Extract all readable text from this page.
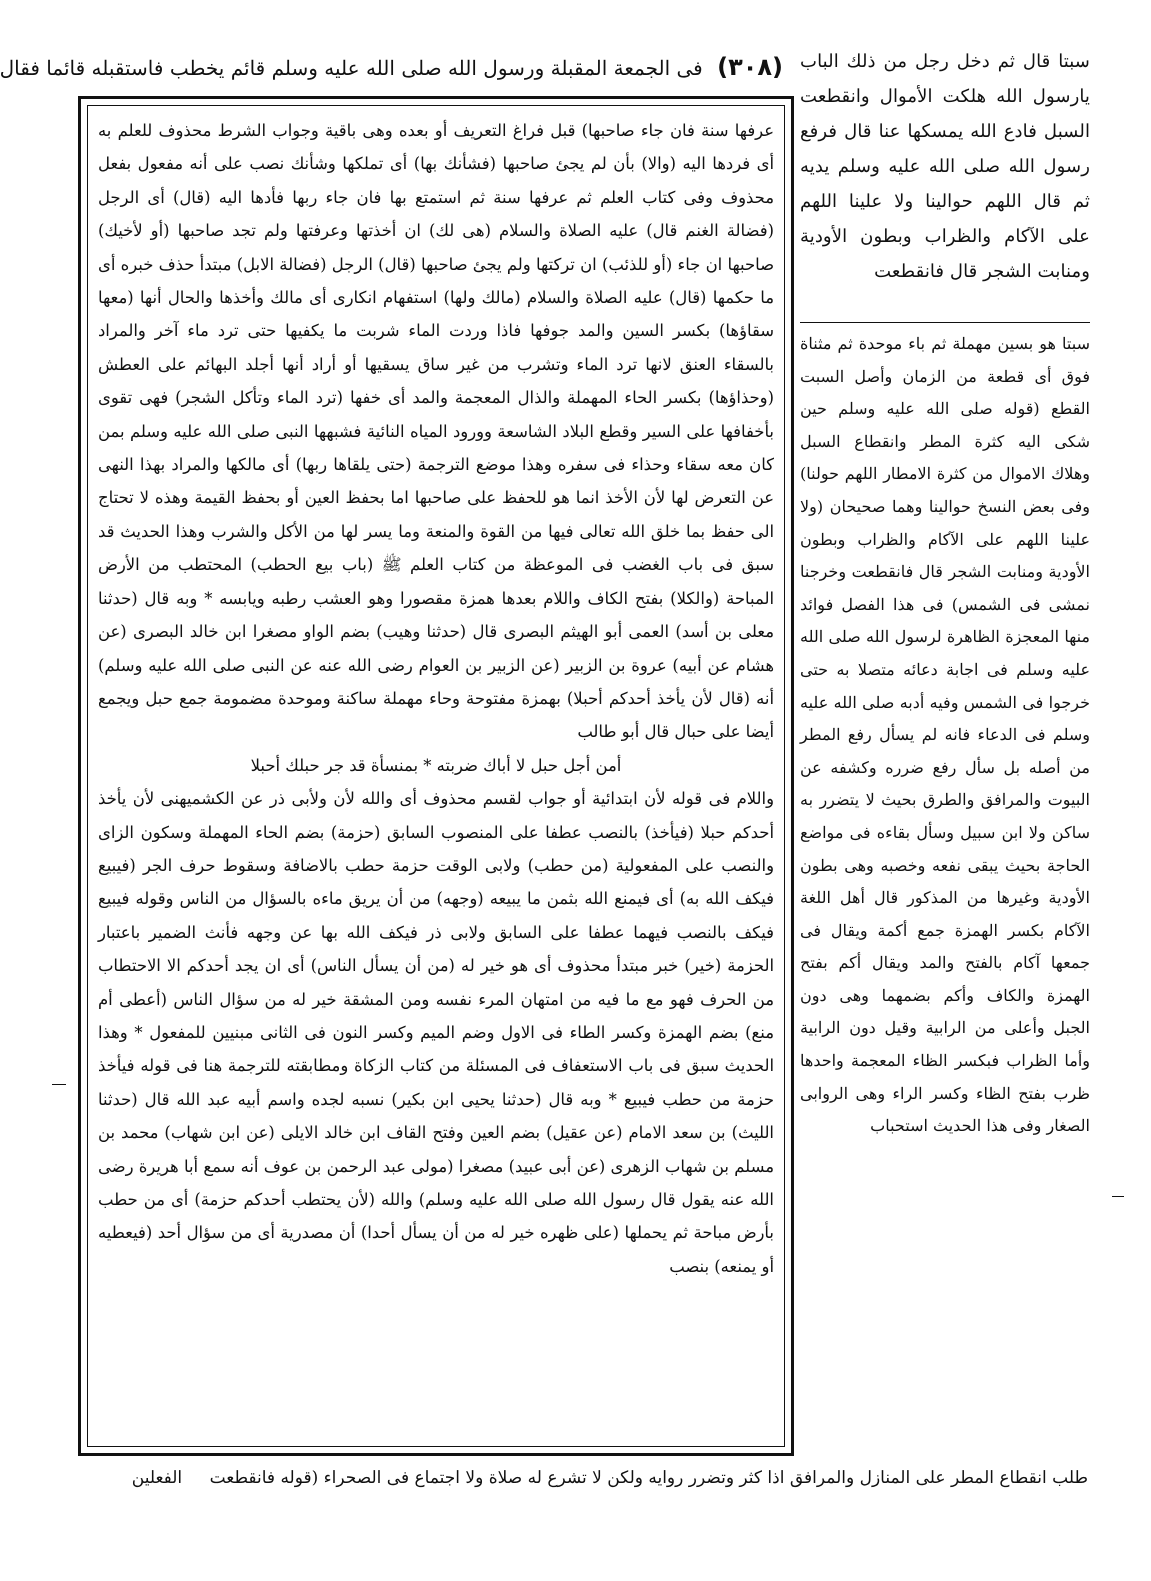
(٣٠٨) فى الجمعة المقبلة ورسول الله صلى الله عليه وسلم قائم يخطب فاستقبله قائما فقال

عرفها سنة فان جاء صاحبها) قبل فراغ التعريف أو بعده وهى باقية وجواب الشرط محذوف للعلم به أى فردها اليه (والا) بأن لم يجئ صاحبها (فشأنك بها) أى تملكها وشأنك نصب على أنه مفعول بفعل محذوف وفى كتاب العلم ثم عرفها سنة ثم استمتع بها فان جاء ربها فأدها اليه (قال) أى الرجل (فضالة الغنم قال) عليه الصلاة والسلام (هى لك) ان أخذتها وعرفتها ولم تجد صاحبها (أو لأخيك) صاحبها ان جاء (أو للذئب) ان تركتها ولم يجئ صاحبها (قال) الرجل (فضالة الابل) مبتدأ حذف خبره أى ما حكمها (قال) عليه الصلاة والسلام (مالك ولها) استفهام انكارى أى مالك وأخذها والحال أنها (معها سقاؤها) بكسر السين والمد جوفها فاذا وردت الماء شربت ما يكفيها حتى ترد ماء آخر والمراد بالسقاء العنق لانها ترد الماء وتشرب من غير ساق يسقيها أو أراد أنها أجلد البهائم على العطش (وحذاؤها) بكسر الحاء المهملة والذال المعجمة والمد أى خفها (ترد الماء وتأكل الشجر) فهى تقوى بأخفافها على السير وقطع البلاد الشاسعة وورود المياه النائية فشبهها النبى صلى الله عليه وسلم بمن كان معه سقاء وحذاء فى سفره وهذا موضع الترجمة (حتى يلقاها ربها) أى مالكها والمراد بهذا النهى عن التعرض لها لأن الأخذ انما هو للحفظ على صاحبها اما بحفظ العين أو بحفظ القيمة وهذه لا تحتاج الى حفظ بما خلق الله تعالى فيها من القوة والمنعة وما يسر لها من الأكل والشرب وهذا الحديث قد سبق فى باب الغضب فى الموعظة من كتاب العلم ﷺ (باب بيع الحطب) المحتطب من الأرض المباحة (والكلا) بفتح الكاف واللام بعدها همزة مقصورا وهو العشب رطبه ويابسه * وبه قال (حدثنا معلى بن أسد) العمى أبو الهيثم البصرى قال (حدثنا وهيب) بضم الواو مصغرا ابن خالد البصرى (عن هشام عن أبيه) عروة بن الزبير (عن الزبير بن العوام رضى الله عنه عن النبى صلى الله عليه وسلم) أنه (قال لأن يأخذ أحدكم أحبلا) بهمزة مفتوحة وحاء مهملة ساكنة وموحدة مضمومة جمع حبل ويجمع أيضا على حبال قال أبو طالب

أمن أجل حبل لا أباك ضربته * بمنسأة قد جر حبلك أحبلا

واللام فى قوله لأن ابتدائية أو جواب لقسم محذوف أى والله لأن ولأبى ذر عن الكشميهنى لأن يأخذ أحدكم حبلا (فيأخذ) بالنصب عطفا على المنصوب السابق (حزمة) بضم الحاء المهملة وسكون الزاى والنصب على المفعولية (من حطب) ولابى الوقت حزمة حطب بالاضافة وسقوط حرف الجر (فيبيع فيكف الله به) أى فيمنع الله بثمن ما يبيعه (وجهه) من أن يريق ماءه بالسؤال من الناس وقوله فيبيع فيكف بالنصب فيهما عطفا على السابق ولابى ذر فيكف الله بها عن وجهه فأنث الضمير باعتبار الحزمة (خير) خبر مبتدأ محذوف أى هو خير له (من أن يسأل الناس) أى ان يجد أحدكم الا الاحتطاب من الحرف فهو مع ما فيه من امتهان المرء نفسه ومن المشقة خير له من سؤال الناس (أعطى أم منع) بضم الهمزة وكسر الطاء فى الاول وضم الميم وكسر النون فى الثانى مبنيين للمفعول * وهذا الحديث سبق فى باب الاستعفاف فى المسئلة من كتاب الزكاة ومطابقته للترجمة هنا فى قوله فيأخذ حزمة من حطب فيبيع * وبه قال (حدثنا يحيى ابن بكير) نسبه لجده واسم أبيه عبد الله قال (حدثنا الليث) بن سعد الامام (عن عقيل) بضم العين وفتح القاف ابن خالد الايلى (عن ابن شهاب) محمد بن مسلم بن شهاب الزهرى (عن أبى عبيد) مصغرا (مولى عبد الرحمن بن عوف أنه سمع أبا هريرة رضى الله عنه يقول قال رسول الله صلى الله عليه وسلم) والله (لأن يحتطب أحدكم حزمة) أى من حطب بأرض مباحة ثم يحملها (على ظهره خير له من أن يسأل أحدا) أن مصدرية أى من سؤال أحد (فيعطيه أو يمنعه) بنصب

سبتا قال ثم دخل رجل من ذلك الباب يارسول الله هلكت الأموال وانقطعت السبل فادع الله يمسكها عنا قال فرفع رسول الله صلى الله عليه وسلم يديه ثم قال اللهم حوالينا ولا علينا اللهم على الآكام والظراب وبطون الأودية ومنابت الشجر قال فانقطعت

سبتا هو بسين مهملة ثم باء موحدة ثم مثناة فوق أى قطعة من الزمان وأصل السبت القطع (قوله صلى الله عليه وسلم حين شكى اليه كثرة المطر وانقطاع السبل وهلاك الاموال من كثرة الامطار اللهم حولنا) وفى بعض النسخ حوالينا وهما صحيحان (ولا علينا اللهم على الآكام والظراب وبطون الأودية ومنابت الشجر قال فانقطعت وخرجنا نمشى فى الشمس) فى هذا الفصل فوائد منها المعجزة الظاهرة لرسول الله صلى الله عليه وسلم فى اجابة دعائه متصلا به حتى خرجوا فى الشمس وفيه أدبه صلى الله عليه وسلم فى الدعاء فانه لم يسأل رفع المطر من أصله بل سأل رفع ضرره وكشفه عن البيوت والمرافق والطرق بحيث لا يتضرر به ساكن ولا ابن سبيل وسأل بقاءه فى مواضع الحاجة بحيث يبقى نفعه وخصبه وهى بطون الأودية وغيرها من المذكور قال أهل اللغة الآكام بكسر الهمزة جمع أكمة ويقال فى جمعها آكام بالفتح والمد ويقال أكم بفتح الهمزة والكاف وأكم بضمهما وهى دون الجبل وأعلى من الرابية وقيل دون الرابية وأما الظراب فبكسر الظاء المعجمة واحدها ظرب بفتح الظاء وكسر الراء وهى الروابى الصغار وفى هذا الحديث استحباب

طلب انقطاع المطر على المنازل والمرافق اذا كثر وتضرر روايه ولكن لا تشرع له صلاة ولا اجتماع فى الصحراء (قوله فانقطعت الفعلين
